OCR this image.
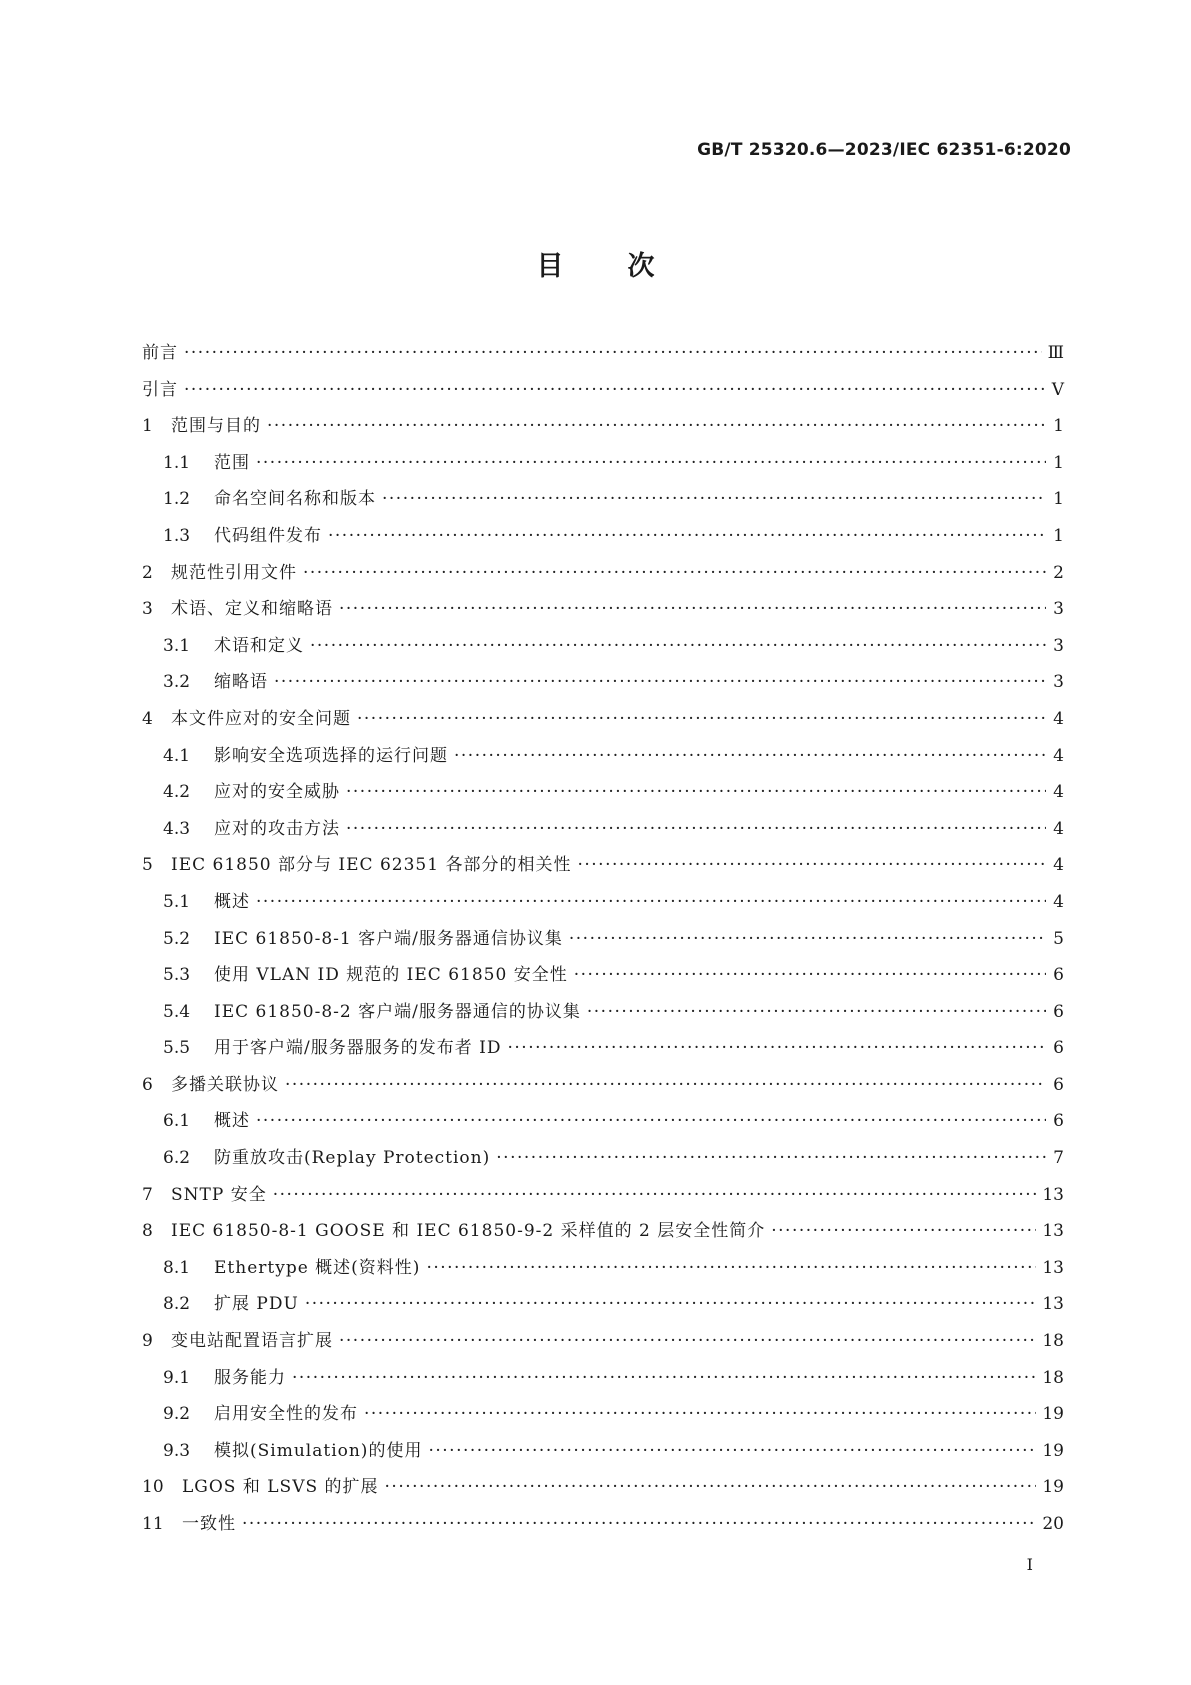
GB/T 25320.6—2023/IEC 62351-6:2020
目次
前言 ·····	Ⅲ
引言 ·····	Ⅴ
1	范围与目的 ·····	1
1.1	范围 ·····	1
1.2	命名空间名称和版本 ·····	1
1.3	代码组件发布 ·····	1
2	规范性引用文件 ·····	2
3	术语、定义和缩略语 ·····	3
3.1	术语和定义 ·····	3
3.2	缩略语 ·····	3
4	本文件应对的安全问题 ·····	4
4.1	影响安全选项选择的运行问题 ·····	4
4.2	应对的安全威胁 ·····	4
4.3	应对的攻击方法 ·····	4
5	IEC 61850 部分与 IEC 62351 各部分的相关性 ·····	4
5.1	概述 ·····	4
5.2	IEC 61850-8-1 客户端/服务器通信协议集 ·····	5
5.3	使用 VLAN ID 规范的 IEC 61850 安全性 ·····	6
5.4	IEC 61850-8-2 客户端/服务器通信的协议集 ·····	6
5.5	用于客户端/服务器服务的发布者 ID ·····	6
6	多播关联协议 ·····	6
6.1	概述 ·····	6
6.2	防重放攻击(Replay Protection) ·····	7
7	SNTP 安全 ·····	13
8	IEC 61850-8-1 GOOSE 和 IEC 61850-9-2 采样值的 2 层安全性简介 ·····	13
8.1	Ethertype 概述(资料性) ·····	13
8.2	扩展 PDU ·····	13
9	变电站配置语言扩展 ·····	18
9.1	服务能力 ·····	18
9.2	启用安全性的发布 ·····	19
9.3	模拟(Simulation)的使用 ·····	19
10	LGOS 和 LSVS 的扩展 ·····	19
11	一致性 ·····	20
Ⅰ
